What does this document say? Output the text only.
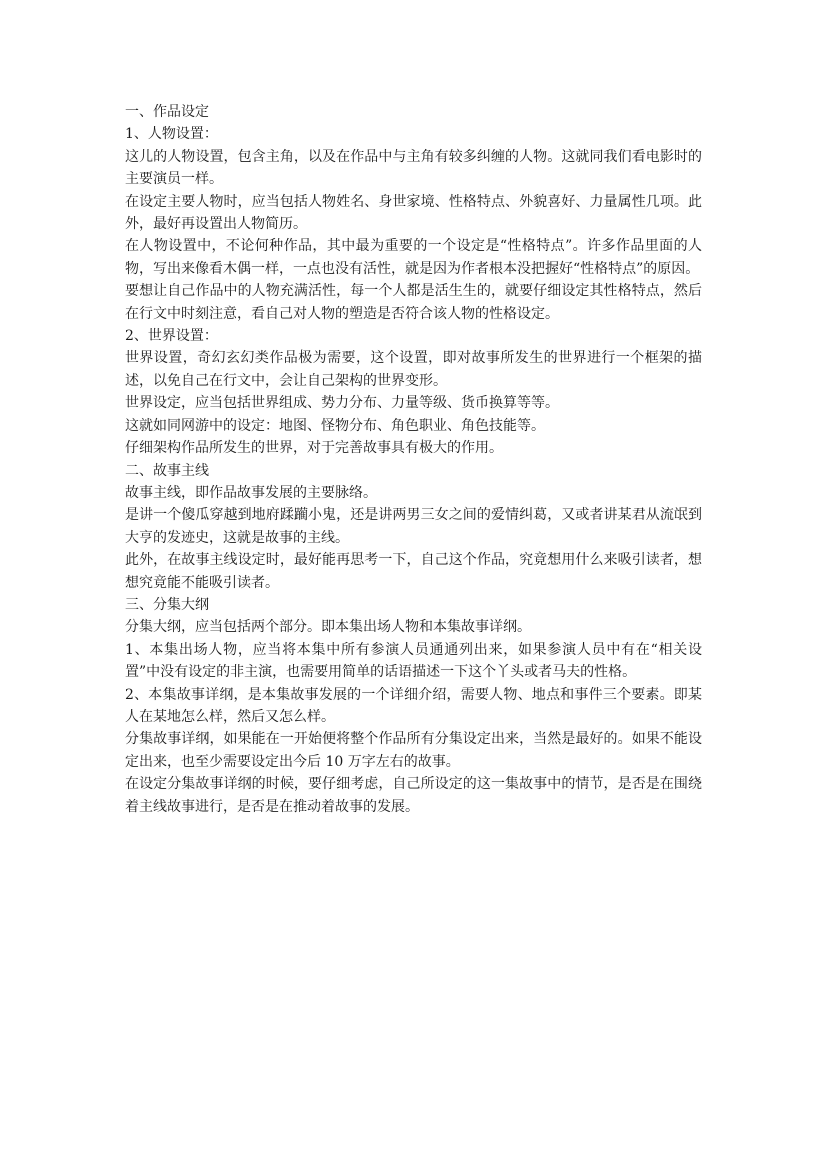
一、作品设定

1、人物设置：

这儿的人物设置，包含主角，以及在作品中与主角有较多纠缠的人物。这就同我们看电影时的主要演员一样。

在设定主要人物时，应当包括人物姓名、身世家境、性格特点、外貌喜好、力量属性几项。此外，最好再设置出人物简历。

在人物设置中，不论何种作品，其中最为重要的一个设定是“性格特点”。许多作品里面的人物，写出来像看木偶一样，一点也没有活性，就是因为作者根本没把握好“性格特点”的原因。

要想让自己作品中的人物充满活性，每一个人都是活生生的，就要仔细设定其性格特点，然后在行文中时刻注意，看自己对人物的塑造是否符合该人物的性格设定。

2、世界设置：

世界设置，奇幻玄幻类作品极为需要，这个设置，即对故事所发生的世界进行一个框架的描述，以免自己在行文中，会让自己架构的世界变形。

世界设定，应当包括世界组成、势力分布、力量等级、货币换算等等。

这就如同网游中的设定：地图、怪物分布、角色职业、角色技能等。

仔细架构作品所发生的世界，对于完善故事具有极大的作用。

二、故事主线

故事主线，即作品故事发展的主要脉络。

是讲一个傻瓜穿越到地府蹂躏小鬼，还是讲两男三女之间的爱情纠葛，又或者讲某君从流氓到大亨的发迹史，这就是故事的主线。

此外，在故事主线设定时，最好能再思考一下，自己这个作品，究竟想用什么来吸引读者，想想究竟能不能吸引读者。

三、分集大纲

分集大纲，应当包括两个部分。即本集出场人物和本集故事详纲。

1、本集出场人物，应当将本集中所有参演人员通通列出来，如果参演人员中有在“相关设置”中没有设定的非主演，也需要用简单的话语描述一下这个丫头或者马夫的性格。

2、本集故事详纲，是本集故事发展的一个详细介绍，需要人物、地点和事件三个要素。即某人在某地怎么样，然后又怎么样。

分集故事详纲，如果能在一开始便将整个作品所有分集设定出来，当然是最好的。如果不能设定出来，也至少需要设定出今后 10 万字左右的故事。

在设定分集故事详纲的时候，要仔细考虑，自己所设定的这一集故事中的情节，是否是在围绕着主线故事进行，是否是在推动着故事的发展。
